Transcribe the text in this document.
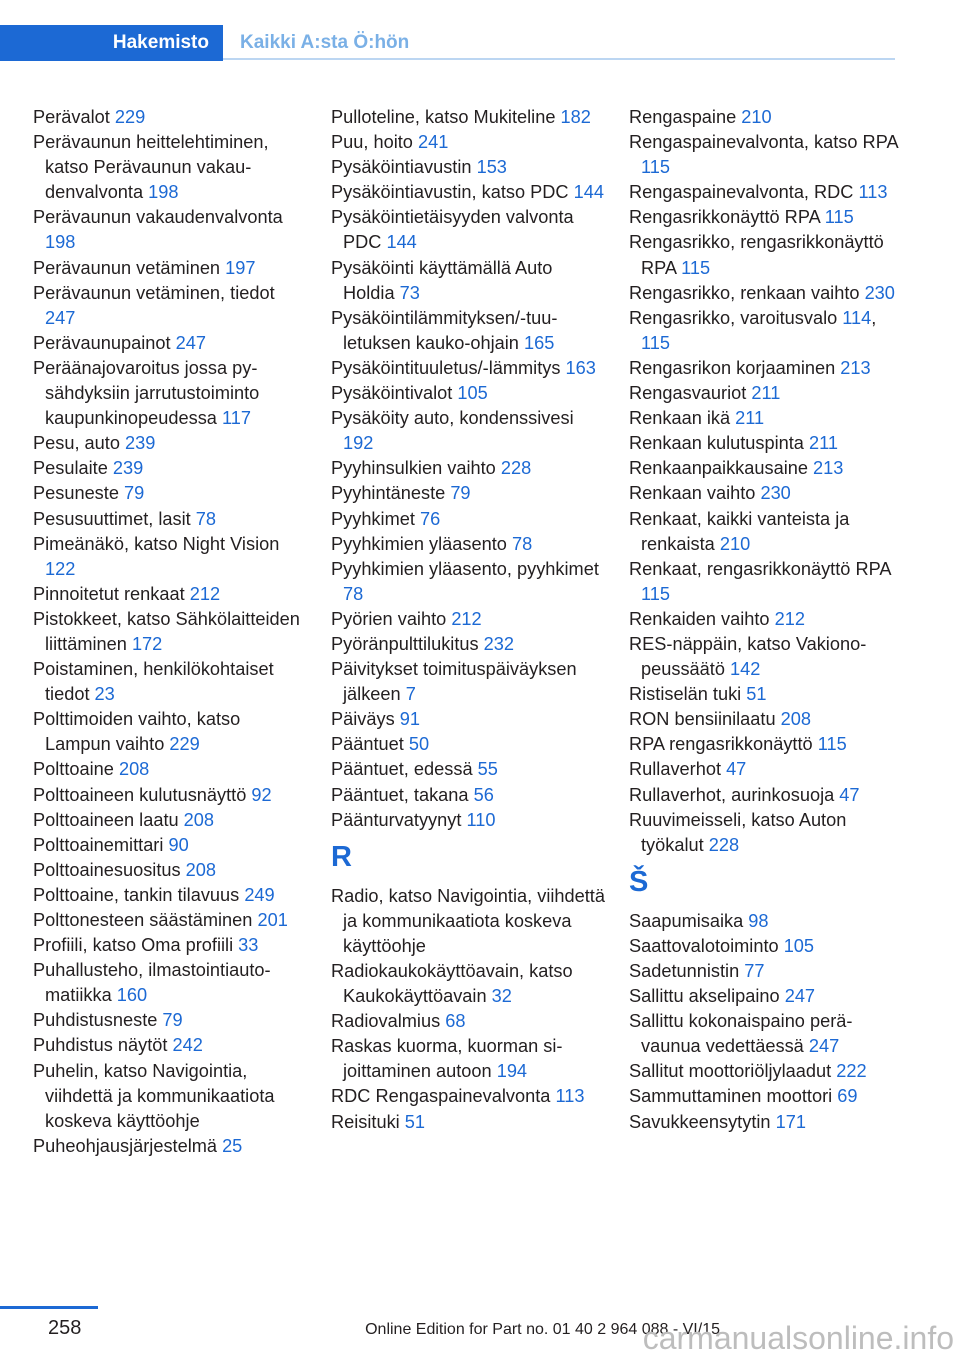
Hakemisto	Kaikki A:sta Ö:hön
Perävalot 229
Perävaunun heittelehtiminen, katso Perävaunun vakaudenvalvonta 198
Perävaunun vakaudenvalvonta 198
Perävaunun vetäminen 197
Perävaunun vetäminen, tiedot 247
Perävaunupainot 247
Peräänajovaroitus jossa pysähdyksiin jarrutustoiminto kaupunkinopeudessa 117
Pesu, auto 239
Pesulaite 239
Pesuneste 79
Pesusuuttimet, lasit 78
Pimeänäkö, katso Night Vision 122
Pinnoitetut renkaat 212
Pistokkeet, katso Sähkölaitteiden liittäminen 172
Poistaminen, henkilökohtaiset tiedot 23
Polttimoiden vaihto, katso Lampun vaihto 229
Polttoaine 208
Polttoaineen kulutusnäyttö 92
Polttoaineen laatu 208
Polttoainemittari 90
Polttoainesuositus 208
Polttoaine, tankin tilavuus 249
Polttonesteen säästäminen 201
Profiili, katso Oma profiili 33
Puhallusteho, ilmastointiautomatiikka 160
Puhdistusneste 79
Puhdistus näytöt 242
Puhelin, katso Navigointia, viihdettä ja kommunikaatiota koskeva käyttöohje
Puheohjausjärjestelmä 25
Pulloteline, katso Mukiteline 182
Puu, hoito 241
Pysäköintiavustin 153
Pysäköintiavustin, katso PDC 144
Pysäköintietäisyyden valvonta PDC 144
Pysäköinti käyttämällä Auto Holdia 73
Pysäköintilämmityksen/-tuuletuksen kauko-ohjain 165
Pysäköintituuletus/-lämmitys 163
Pysäköintivalot 105
Pysäköity auto, kondenssivesi 192
Pyyhinsulkien vaihto 228
Pyyhintäneste 79
Pyyhkimet 76
Pyyhkimien yläasento 78
Pyyhkimien yläasento, pyyhkimet 78
Pyörien vaihto 212
Pyöränpulttilukitus 232
Päivitykset toimituspäiväyksen jälkeen 7
Päiväys 91
Pääntuet 50
Pääntuet, edessä 55
Pääntuet, takana 56
Päänturvatyynyt 110
R
Radio, katso Navigointia, viihdettä ja kommunikaatiota koskeva käyttöohje
Radiokaukokäyttöavain, katso Kaukokäyttöavain 32
Radiovalmius 68
Raskas kuorma, kuorman sijoittaminen autoon 194
RDC Rengaspainevalvonta 113
Reisituki 51
Rengaspaine 210
Rengaspainevalvonta, katso RPA 115
Rengaspainevalvonta, RDC 113
Rengasrikkonäyttö RPA 115
Rengasrikko, rengasrikkonäyttö RPA 115
Rengasrikko, renkaan vaihto 230
Rengasrikko, varoitusvalo 114, 115
Rengasrikon korjaaminen 213
Rengasvauriot 211
Renkaan ikä 211
Renkaan kulutuspinta 211
Renkaanpaikkausaine 213
Renkaan vaihto 230
Renkaat, kaikki vanteista ja renkaista 210
Renkaat, rengasrikkonäyttö RPA 115
Renkaiden vaihto 212
RES-näppäin, katso Vakionopeussäätö 142
Ristiselän tuki 51
RON bensiinilaatu 208
RPA rengasrikkonäyttö 115
Rullaverhot 47
Rullaverhot, aurinkosuoja 47
Ruuvimeisseli, katso Auton työkalut 228
Š
Saapumisaika 98
Saattovalotoiminto 105
Sadetunnistin 77
Sallittu akselipaino 247
Sallittu kokonaispaino perävaunua vedettäessä 247
Sallitut moottoriöljylaadut 222
Sammuttaminen moottori 69
Savukkeensytytin 171
258	Online Edition for Part no. 01 40 2 964 088 - VI/15
carmanualsonline.info
